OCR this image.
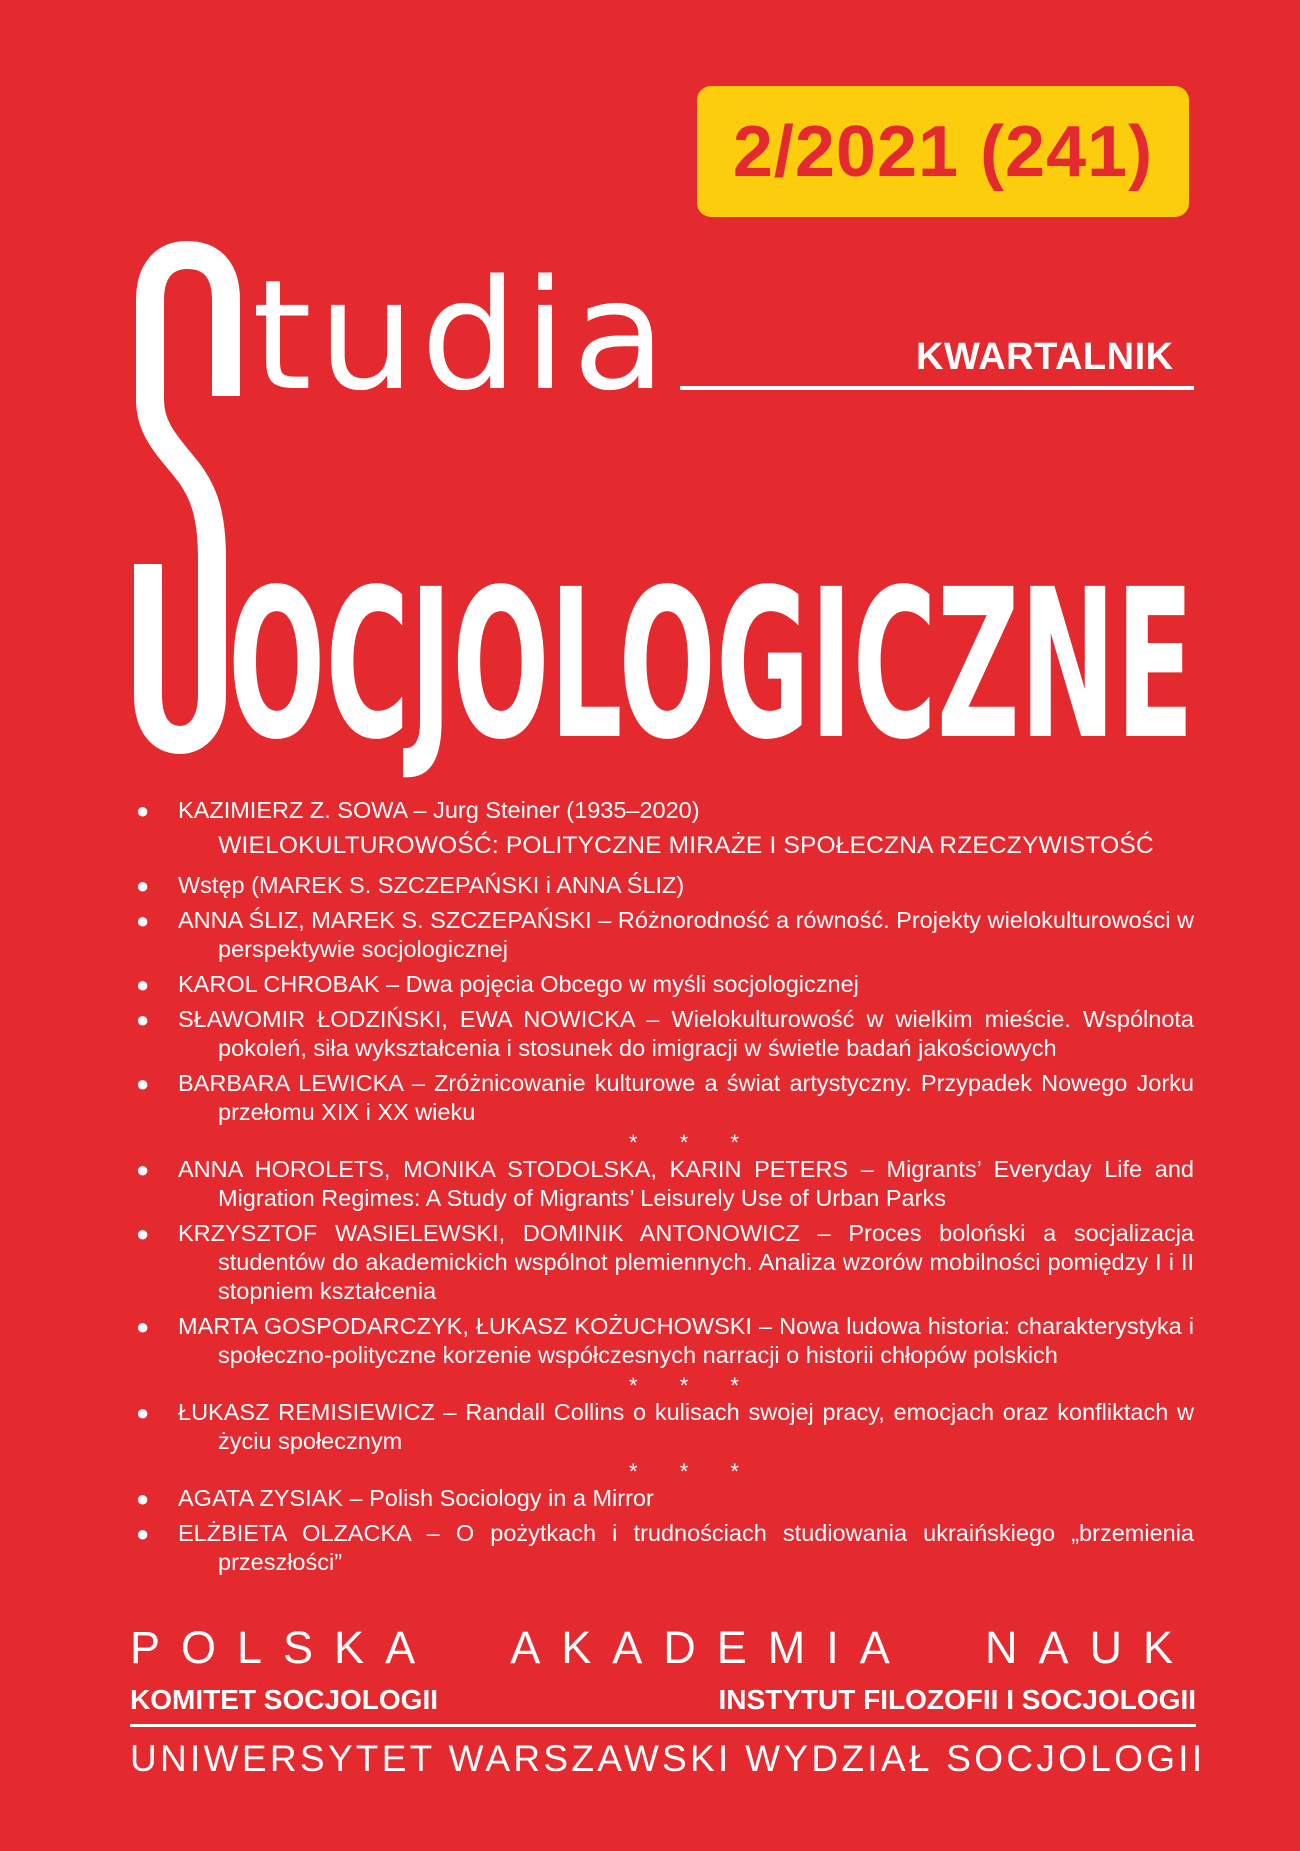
2/2021 (241)
tudia
OCJOLOGICZNE
KWARTALNIK
● KAZIMIERZ Z. SOWA – Jurg Steiner (1935–2020)
WIELOKULTUROWOŚĆ: POLITYCZNE MIRAŻE I SPOŁECZNA RZECZYWISTOŚĆ
● Wstęp (MAREK S. SZCZEPAŃSKI i ANNA ŚLIZ)
● ANNA ŚLIZ, MAREK S. SZCZEPAŃSKI – Różnorodność a równość. Projekty wielokulturowości w perspektywie socjologicznej
● KAROL CHROBAK – Dwa pojęcia Obcego w myśli socjologicznej
● SŁAWOMIR ŁODZIŃSKI, EWA NOWICKA – Wielokulturowość w wielkim mieście. Wspólnota pokoleń, siła wykształcenia i stosunek do imigracji w świetle badań jakościowych
● BARBARA LEWICKA – Zróżnicowanie kulturowe a świat artystyczny. Przypadek Nowego Jorku przełomu XIX i XX wieku
* * *
● ANNA HOROLETS, MONIKA STODOLSKA, KARIN PETERS – Migrants’ Everyday Life and Migration Regimes: A Study of Migrants’ Leisurely Use of Urban Parks
● KRZYSZTOF WASIELEWSKI, DOMINIK ANTONOWICZ – Proces boloński a socjalizacja studentów do akademickich wspólnot plemiennych. Analiza wzorów mobilności pomiędzy I i II stopniem kształcenia
● MARTA GOSPODARCZYK, ŁUKASZ KOŻUCHOWSKI – Nowa ludowa historia: charakterystyka i społeczno-polityczne korzenie współczesnych narracji o historii chłopów polskich
* * *
● ŁUKASZ REMISIEWICZ – Randall Collins o kulisach swojej pracy, emocjach oraz konfliktach w życiu społecznym
* * *
● AGATA ZYSIAK – Polish Sociology in a Mirror
● ELŻBIETA OLZACKA – O pożytkach i trudnościach studiowania ukraińskiego „brzemienia przeszłości”
POLSKA AKADEMIA NAUK
KOMITET SOCJOLOGII	INSTYTUT FILOZOFII I SOCJOLOGII
UNIWERSYTET WARSZAWSKI WYDZIAŁ SOCJOLOGII
